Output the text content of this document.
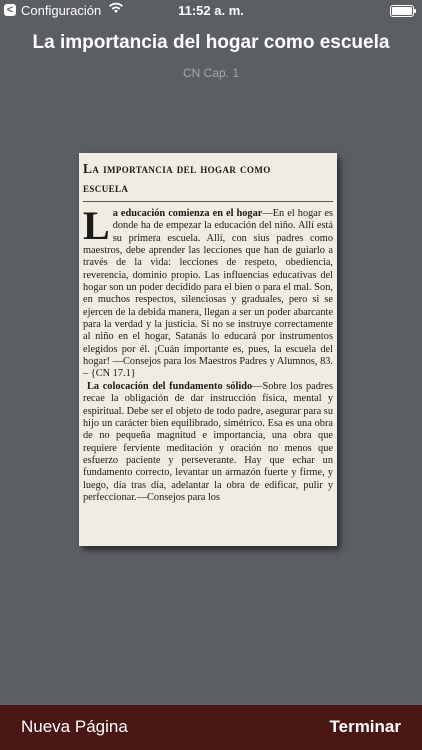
< Configuración	11:52 a. m.
La importancia del hogar como escuela
CN Cap. 1
La importancia del hogar como
escuela

La educación comienza en el hogar—En el hogar es donde ha de empezar la educación del niño. Allí está su primera escuela. Allí, con sius padres como maestros, debe aprender las lecciones que han de guiarlo a través de la vida: lecciones de respeto, obediencia, reverencia, dominio propio. Las influencias educativas del hogar son un poder decidido para el bien o para el mal. Son, en muchos respectos, silenciosas y graduales, pero si se ejercen de la debida manera, llegan a ser un poder abarcante para la verdad y la justicia. Si no se instruye correctamente al niño en el hogar, Satanás lo educará por instrumentos elegidos por él. ¡Cuán importante es, pues, la escuela del hogar! —Consejos para los Maestros Padres y Alumnos, 83. – {CN 17.1}

La colocación del fundamento sólido—Sobre los padres recae la obligación de dar instrucción física, mental y espiritual. Debe ser el objeto de todo padre, asegurar para su hijo un carácter bien equilibrado, simétrico. Esa es una obra de no pequeña magnitud e importancia, una obra que requiere ferviente meditación y oración no menos que esfuerzo paciente y perseverante. Hay que echar un fundamento correcto, levantar un armazón fuerte y firme, y luego, día tras día, adelantar la obra de edificar, pulir y perfeccionar.—Consejos para los

Nueva Página	Terminar
